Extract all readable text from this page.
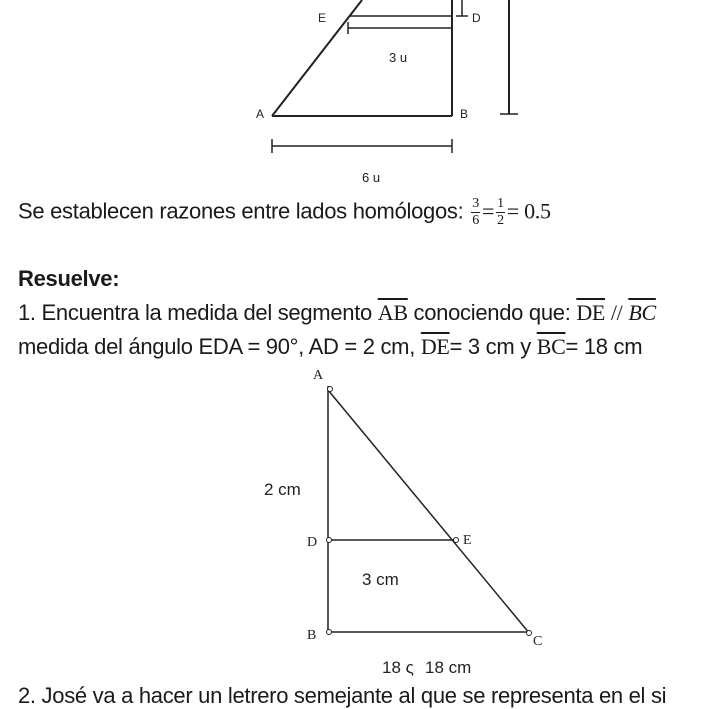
E	D
A	B
3 u
6 u
A
D	E
B	C
2 cm
3 cm
18 ς 18 cm
Se establecen razones entre lados homólogos: $\frac{3}{6} = \frac{1}{2} = 0.5$
Resuelve:
1. Encuentra la medida del segmento $\overline{AB}$ conociendo que: $\overline{DE} // \overline{BC}$
medida del ángulo EDA = 90°, AD = 2 cm, $\overline{DE}= 3$ cm y $\overline{BC}= 18$ cm
2. José va a hacer un letrero semejante al que se representa en el si
